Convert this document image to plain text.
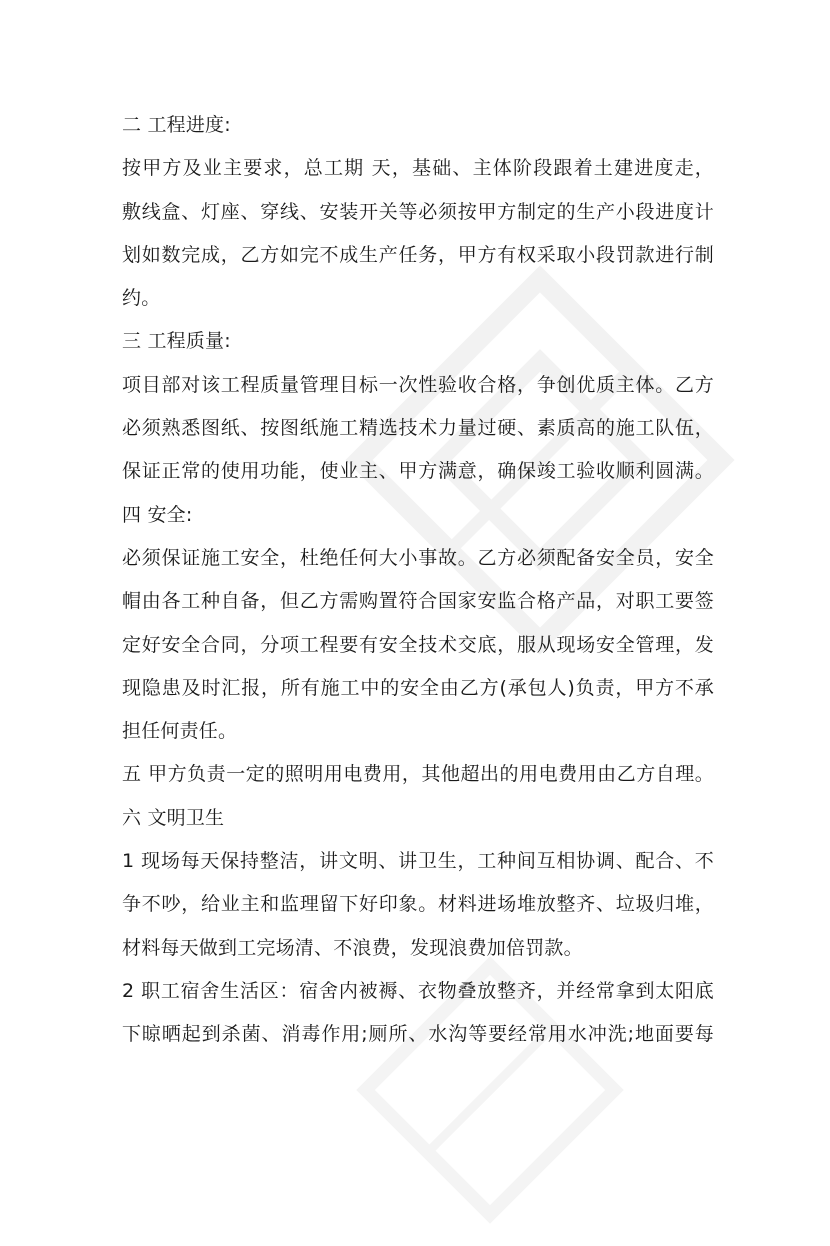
二 工程进度:
按甲方及业主要求，总工期 天，基础、主体阶段跟着土建进度走，
敷线盒、灯座、穿线、安装开关等必须按甲方制定的生产小段进度计
划如数完成，乙方如完不成生产任务，甲方有权采取小段罚款进行制
约。
三 工程质量:
项目部对该工程质量管理目标一次性验收合格，争创优质主体。乙方
必须熟悉图纸、按图纸施工精选技术力量过硬、素质高的施工队伍，
保证正常的使用功能，使业主、甲方满意，确保竣工验收顺利圆满。
四 安全:
必须保证施工安全，杜绝任何大小事故。乙方必须配备安全员，安全
帽由各工种自备，但乙方需购置符合国家安监合格产品，对职工要签
定好安全合同，分项工程要有安全技术交底，服从现场安全管理，发
现隐患及时汇报，所有施工中的安全由乙方(承包人)负责，甲方不承
担任何责任。
五 甲方负责一定的照明用电费用，其他超出的用电费用由乙方自理。
六 文明卫生
1 现场每天保持整洁，讲文明、讲卫生，工种间互相协调、配合、不
争不吵，给业主和监理留下好印象。材料进场堆放整齐、垃圾归堆，
材料每天做到工完场清、不浪费，发现浪费加倍罚款。
2 职工宿舍生活区：宿舍内被褥、衣物叠放整齐，并经常拿到太阳底
下晾晒起到杀菌、消毒作用;厕所、水沟等要经常用水冲洗;地面要每
